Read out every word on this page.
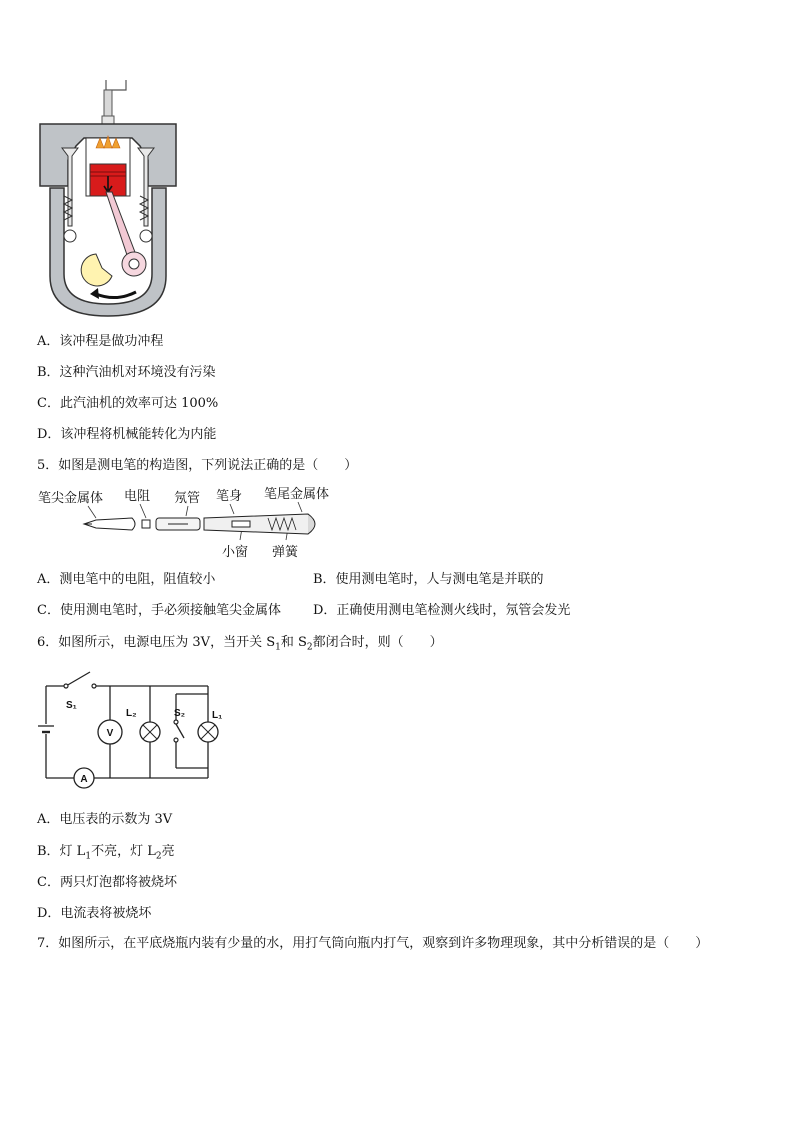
A．该冲程是做功冲程
B．这种汽油机对环境没有污染
C．此汽油机的效率可达 100%
D．该冲程将机械能转化为内能
5．如图是测电笔的构造图，下列说法正确的是（　　）
笔尖金属体 电阻 氖管 笔身 笔尾金属体
小窗 弹簧
A．测电笔中的电阻，阻值较小	B．使用测电笔时，人与测电笔是并联的
C．使用测电笔时，手必须接触笔尖金属体 D．正确使用测电笔检测火线时，氖管会发光
6．如图所示，电源电压为 3V，当开关 $S_1$和 $S_2$都闭合时，则（　　）
V
A
S₁
L₂	S₂	L₁
A．电压表的示数为 3V
B．灯 $L_1$不亮，灯 $L_2$亮
C．两只灯泡都将被烧坏
D．电流表将被烧坏
7．如图所示，在平底烧瓶内装有少量的水，用打气筒向瓶内打气，观察到许多物理现象，其中分析错误的是（　　）
